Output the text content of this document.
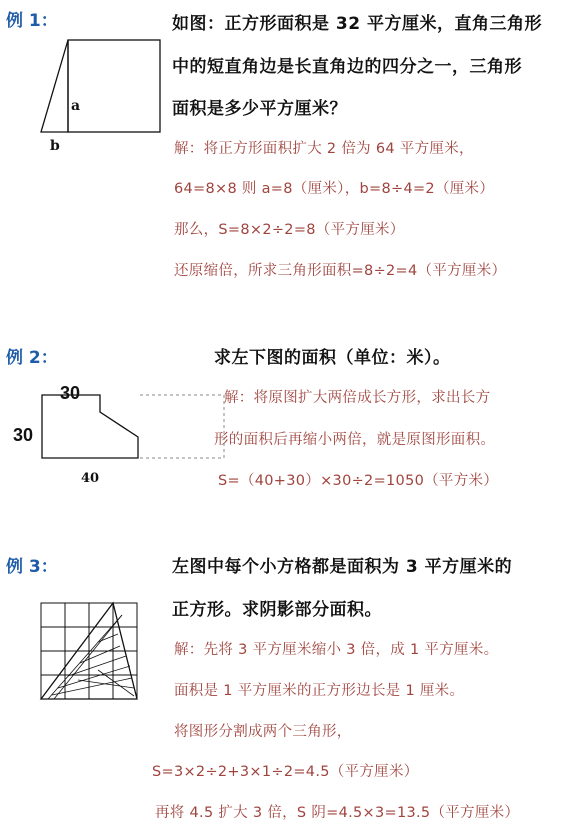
例 1：
a
b
如图：正方形面积是 32 平方厘米，直角三角形
中的短直角边是长直角边的四分之一，三角形
面积是多少平方厘米？
解：将正方形面积扩大 2 倍为 64 平方厘米，
64=8×8 则 a=8（厘米），b=8÷4=2（厘米）
那么，S=8×2÷2=8（平方厘米）
还原缩倍，所求三角形面积=8÷2=4（平方厘米）
例 2：	求左下图的面积（单位：米）。
30
30
40
解：将原图扩大两倍成长方形，求出长方
形的面积后再缩小两倍，就是原图形面积。
S=（40+30）×30÷2=1050（平方米）
例 3：	左图中每个小方格都是面积为 3 平方厘米的
正方形。求阴影部分面积。
解：先将 3 平方厘米缩小 3 倍，成 1 平方厘米。
面积是 1 平方厘米的正方形边长是 1 厘米。
将图形分割成两个三角形，
S=3×2÷2+3×1÷2=4.5（平方厘米）
再将 4.5 扩大 3 倍，S 阴=4.5×3=13.5（平方厘米）
